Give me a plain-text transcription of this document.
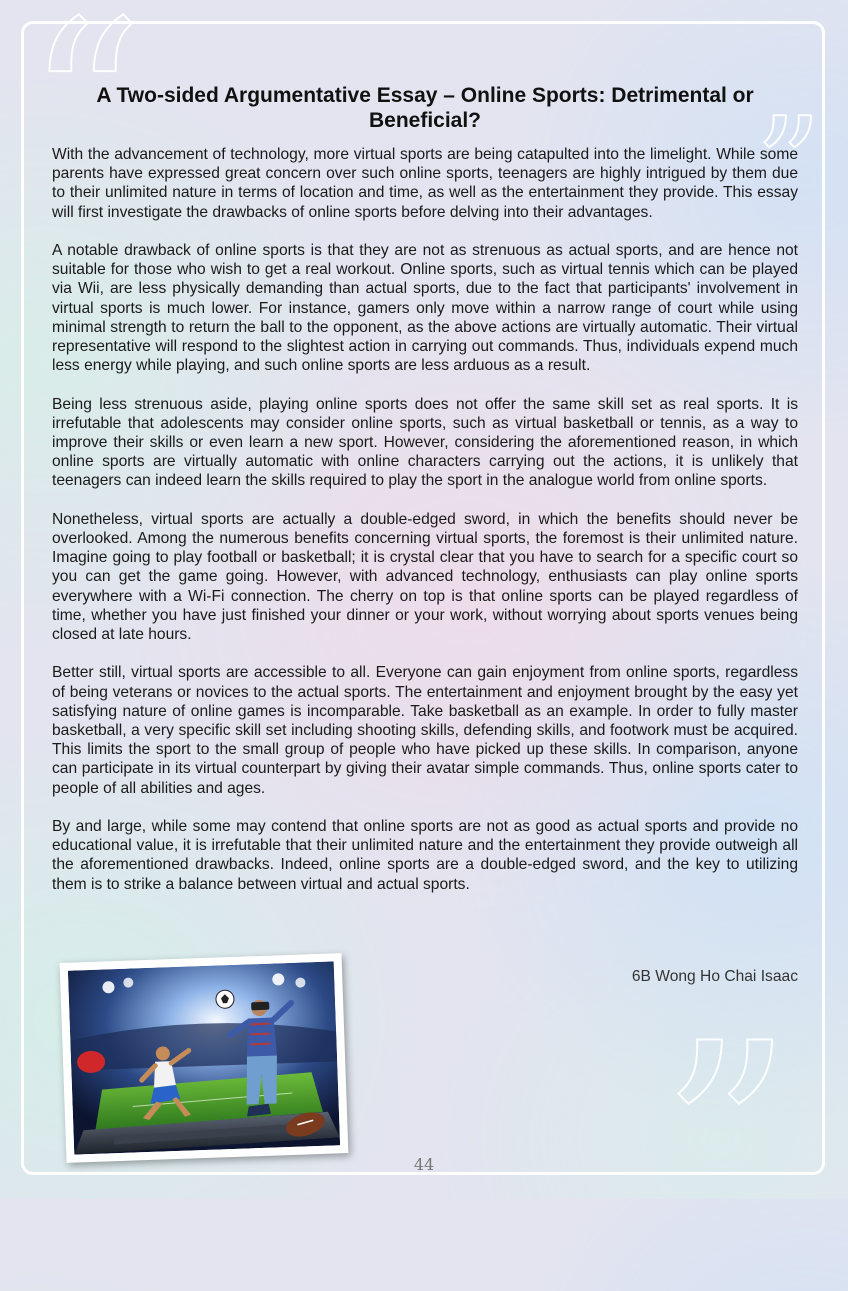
“	”
”
A Two-sided Argumentative Essay – Online Sports: Detrimental or Beneficial?

With the advancement of technology, more virtual sports are being catapulted into the limelight. While some parents have expressed great concern over such online sports, teenagers are highly intrigued by them due to their unlimited nature in terms of location and time, as well as the entertainment they provide. This essay will first investigate the drawbacks of online sports before delving into their advantages.

A notable drawback of online sports is that they are not as strenuous as actual sports, and are hence not suitable for those who wish to get a real workout. Online sports, such as virtual tennis which can be played via Wii, are less physically demanding than actual sports, due to the fact that participants' involvement in virtual sports is much lower. For instance, gamers only move within a narrow range of court while using minimal strength to return the ball to the opponent, as the above actions are virtually automatic. Their virtual representative will respond to the slightest action in carrying out commands. Thus, individuals expend much less energy while playing, and such online sports are less arduous as a result.

Being less strenuous aside, playing online sports does not offer the same skill set as real sports. It is irrefutable that adolescents may consider online sports, such as virtual basketball or tennis, as a way to improve their skills or even learn a new sport. However, considering the aforementioned reason, in which online sports are virtually automatic with online characters carrying out the actions, it is unlikely that teenagers can indeed learn the skills required to play the sport in the analogue world from online sports.

Nonetheless, virtual sports are actually a double-edged sword, in which the benefits should never be overlooked. Among the numerous benefits concerning virtual sports, the foremost is their unlimited nature. Imagine going to play football or basketball; it is crystal clear that you have to search for a specific court so you can get the game going. However, with advanced technology, enthusiasts can play online sports everywhere with a Wi-Fi connection. The cherry on top is that online sports can be played regardless of time, whether you have just finished your dinner or your work, without worrying about sports venues being closed at late hours.

Better still, virtual sports are accessible to all. Everyone can gain enjoyment from online sports, regardless of being veterans or novices to the actual sports. The entertainment and enjoyment brought by the easy yet satisfying nature of online games is incomparable. Take basketball as an example. In order to fully master basketball, a very specific skill set including shooting skills, defending skills, and footwork must be acquired. This limits the sport to the small group of people who have picked up these skills. In comparison, anyone can participate in its virtual counterpart by giving their avatar simple commands. Thus, online sports cater to people of all abilities and ages.

By and large, while some may contend that online sports are not as good as actual sports and provide no educational value, it is irrefutable that their unlimited nature and the entertainment they provide outweigh all the aforementioned drawbacks. Indeed, online sports are a double-edged sword, and the key to utilizing them is to strike a balance between virtual and actual sports.

6B Wong Ho Chai Isaac
44
